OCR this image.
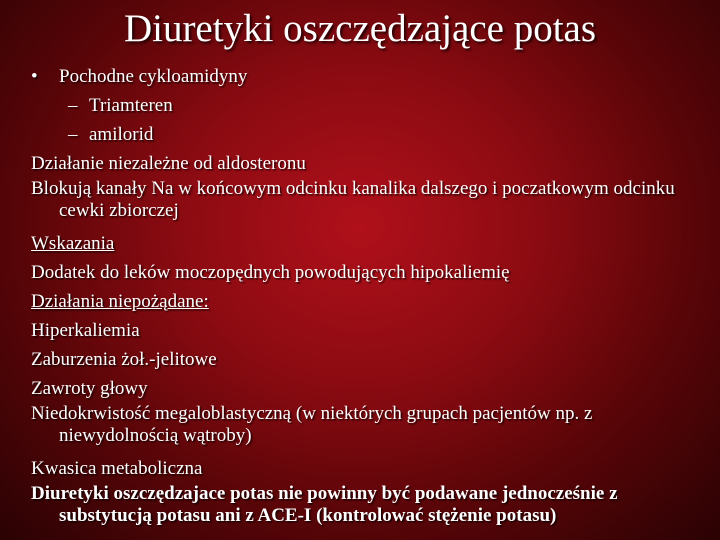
Diuretyki oszczędzające potas
• Pochodne cykloamidyny
– Triamteren
– amilorid
Działanie niezależne od aldosteronu
Blokują kanały Na w końcowym odcinku kanalika dalszego i poczatkowym odcinku cewki zbiorczej
Wskazania
Dodatek do leków moczopędnych powodujących hipokaliemię
Działania niepożądane:
Hiperkaliemia
Zaburzenia żoł.-jelitowe
Zawroty głowy
Niedokrwistość megaloblastyczną (w niektórych grupach pacjentów np. z niewydolnością wątroby)
Kwasica metaboliczna
Diuretyki oszczędzajace potas nie powinny być podawane jednocześnie z substytucją potasu ani z ACE-I (kontrolować stężenie potasu)
